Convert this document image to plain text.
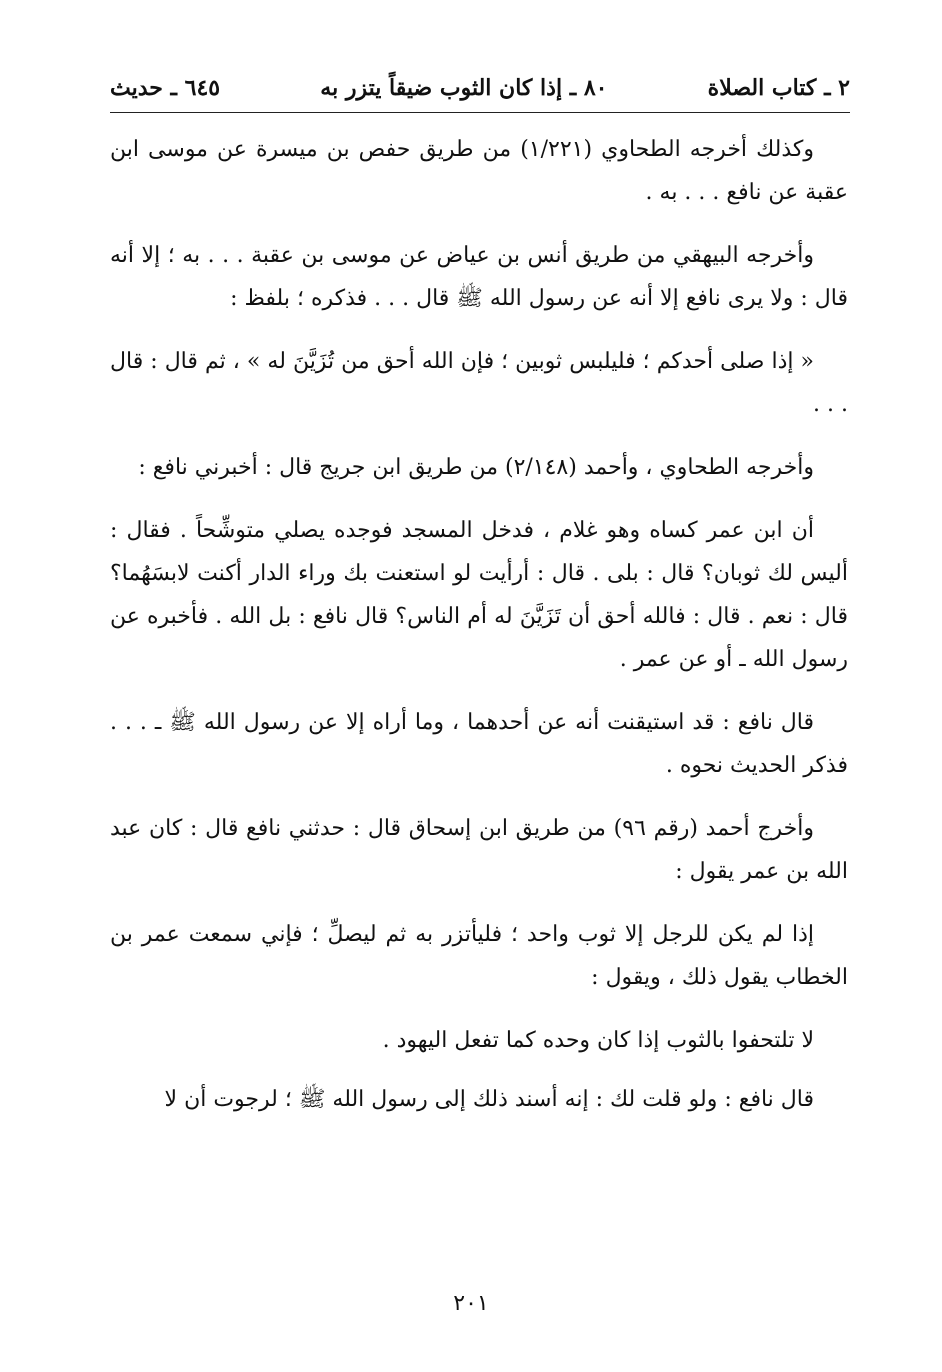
٢ ـ كتاب الصلاة
٨٠ ـ إذا كان الثوب ضيقاً يتزر به
٦٤٥ ـ حديث

وكذلك أخرجه الطحاوي (١/٢٢١) من طريق حفص بن ميسرة عن موسى ابن عقبة عن نافع . . . به .

وأخرجه البيهقي من طريق أنس بن عياض عن موسى بن عقبة . . . به ؛ إلا أنه قال : ولا يرى نافع إلا أنه عن رسول الله ﷺ قال . . . فذكره ؛ بلفظ :

« إذا صلى أحدكم ؛ فليلبس ثوبين ؛ فإن الله أحق من تُزَيَّنَ له » ، ثم قال : قال . . .

وأخرجه الطحاوي ، وأحمد (٢/١٤٨) من طريق ابن جريج قال : أخبرني نافع :

أن ابن عمر كساه وهو غلام ، فدخل المسجد فوجده يصلي متوشِّحاً . فقال : أليس لك ثوبان؟ قال : بلى . قال : أرأيت لو استعنت بك وراء الدار أكنت لابسَهُما؟ قال : نعم . قال : فالله أحق أن تَزَيَّنَ له أم الناس؟ قال نافع : بل الله . فأخبره عن رسول الله ـ أو عن عمر .

قال نافع : قد استيقنت أنه عن أحدهما ، وما أراه إلا عن رسول الله ﷺ ـ . . . فذكر الحديث نحوه .

وأخرج أحمد (رقم ٩٦) من طريق ابن إسحاق قال : حدثني نافع قال : كان عبد الله بن عمر يقول :

إذا لم يكن للرجل إلا ثوب واحد ؛ فليأتزر به ثم ليصلِّ ؛ فإني سمعت عمر بن الخطاب يقول ذلك ، ويقول :

لا تلتحفوا بالثوب إذا كان وحده كما تفعل اليهود .

قال نافع : ولو قلت لك : إنه أسند ذلك إلى رسول الله ﷺ ؛ لرجوت أن لا

٢٠١
